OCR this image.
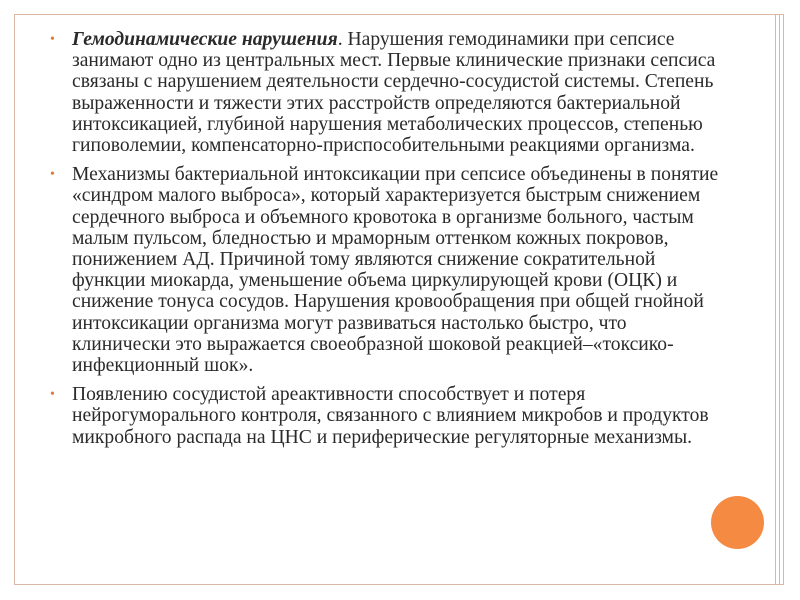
• Гемодинамические нарушения. Нарушения гемодинамики при сепсисе занимают одно из центральных мест. Первые клинические признаки сепсиса связаны с нарушением деятельности сердечно-сосудистой системы. Степень выраженности и тяжести этих расстройств определяются бактериальной интоксикацией, глубиной нарушения метаболических процессов, степенью гиповолемии, компенсаторно-приспособительными реакциями организма.

• Механизмы бактериальной интоксикации при сепсисе объединены в понятие «синдром малого выброса», который характеризуется быстрым снижением сердечного выброса и объемного кровотока в организме больного, частым малым пульсом, бледностью и мраморным оттенком кожных покровов, понижением АД. Причиной тому являются снижение сократительной функции миокарда, уменьшение объема циркулирующей крови (ОЦК) и снижение тонуса сосудов. Нарушения кровообращения при общей гнойной интоксикации организма могут развиваться настолько быстро, что клинически это выражается своеобразной шоковой реакцией–«токсико-инфекционный шок».

• Появлению сосудистой ареактивности способствует и потеря нейрогуморального контроля, связанного с влиянием микробов и продуктов микробного распада на ЦНС и периферические регуляторные механизмы.
